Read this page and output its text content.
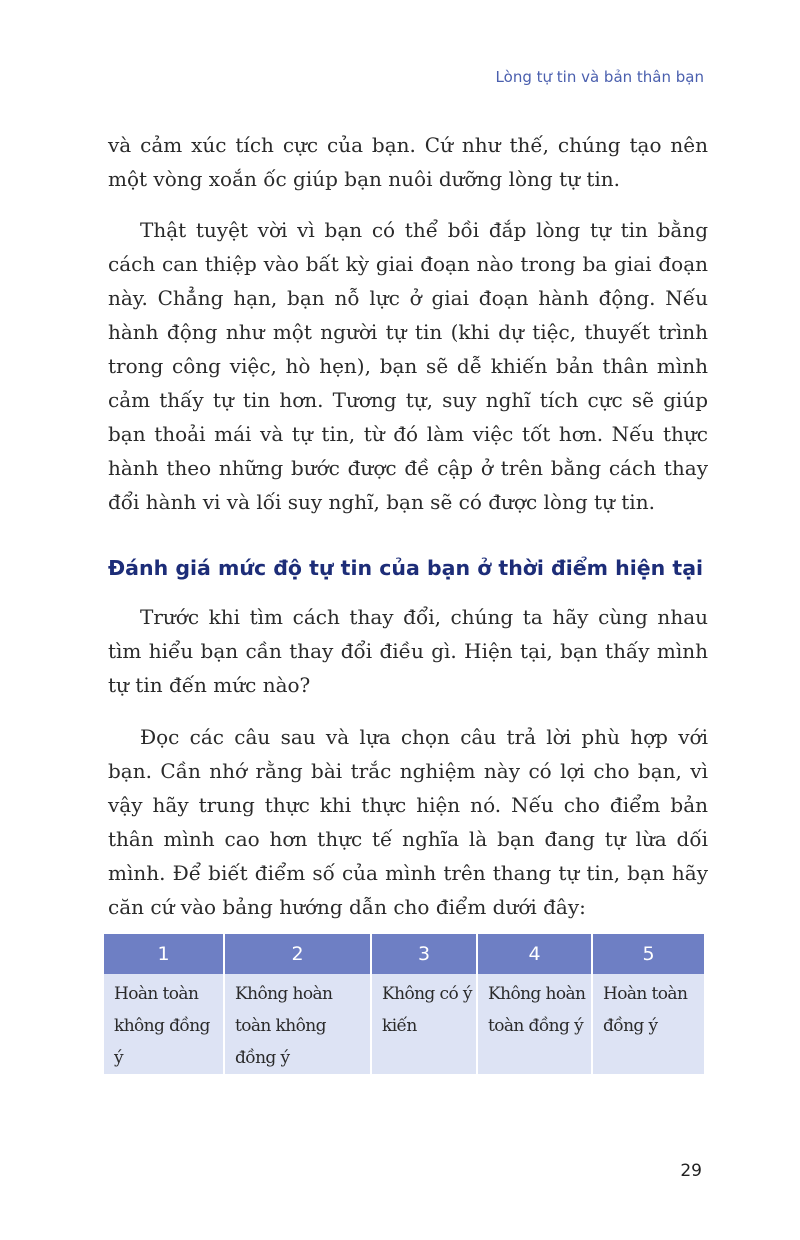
Lòng tự tin và bản thân bạn

và cảm xúc tích cực của bạn. Cứ như thế, chúng tạo nên một vòng xoắn ốc giúp bạn nuôi dưỡng lòng tự tin.

Thật tuyệt vời vì bạn có thể bồi đắp lòng tự tin bằng cách can thiệp vào bất kỳ giai đoạn nào trong ba giai đoạn này. Chẳng hạn, bạn nỗ lực ở giai đoạn hành động. Nếu hành động như một người tự tin (khi dự tiệc, thuyết trình trong công việc, hò hẹn), bạn sẽ dễ khiến bản thân mình cảm thấy tự tin hơn. Tương tự, suy nghĩ tích cực sẽ giúp bạn thoải mái và tự tin, từ đó làm việc tốt hơn. Nếu thực hành theo những bước được đề cập ở trên bằng cách thay đổi hành vi và lối suy nghĩ, bạn sẽ có được lòng tự tin.

Đánh giá mức độ tự tin của bạn ở thời điểm hiện tại

Trước khi tìm cách thay đổi, chúng ta hãy cùng nhau tìm hiểu bạn cần thay đổi điều gì. Hiện tại, bạn thấy mình tự tin đến mức nào?

Đọc các câu sau và lựa chọn câu trả lời phù hợp với bạn. Cần nhớ rằng bài trắc nghiệm này có lợi cho bạn, vì vậy hãy trung thực khi thực hiện nó. Nếu cho điểm bản thân mình cao hơn thực tế nghĩa là bạn đang tự lừa dối mình. Để biết điểm số của mình trên thang tự tin, bạn hãy căn cứ vào bảng hướng dẫn cho điểm dưới đây:

1	2	3	4	5
Hoàn toàn không đồng ý	Không hoàn toàn không đồng ý	Không có ý kiến	Không hoàn toàn đồng ý	Hoàn toàn đồng ý
29
